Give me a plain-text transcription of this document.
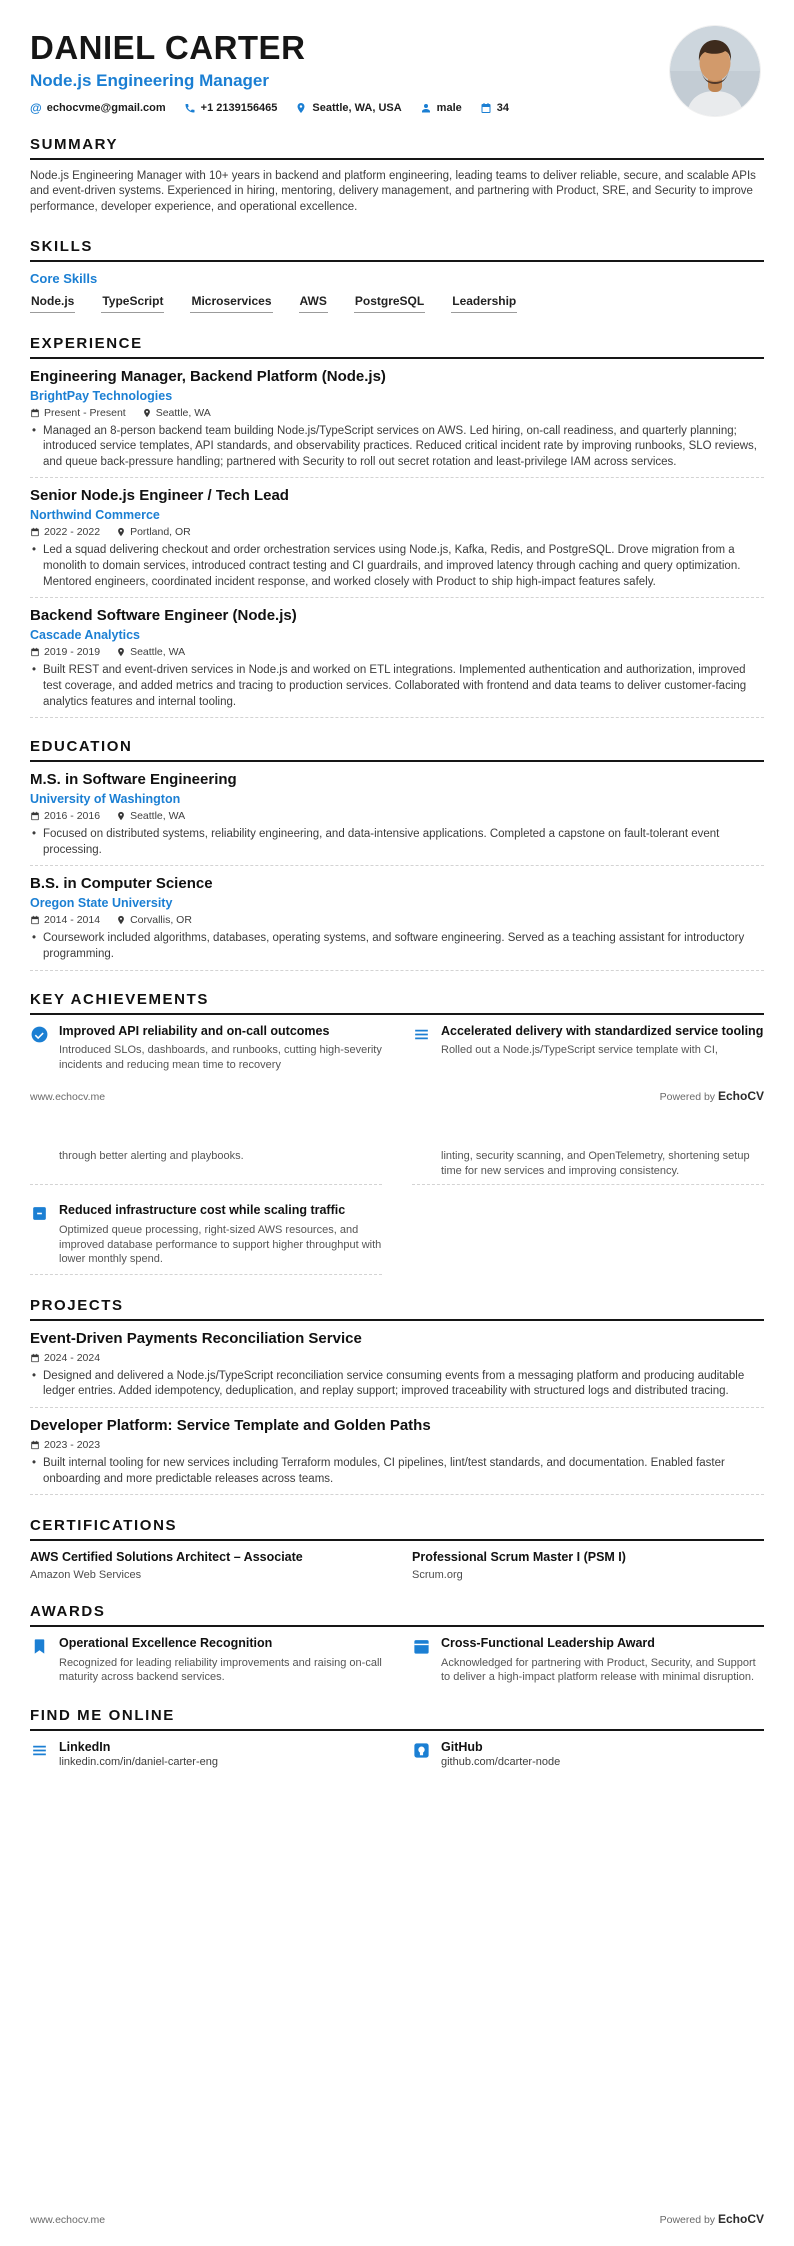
DANIEL CARTER
Node.js Engineering Manager
@ echocvme@gmail.com	+1 2139156465	Seattle, WA, USA	male	34
SUMMARY

Node.js Engineering Manager with 10+ years in backend and platform engineering, leading teams to deliver reliable, secure, and scalable APIs and event-driven systems. Experienced in hiring, mentoring, delivery management, and partnering with Product, SRE, and Security to improve performance, developer experience, and operational excellence.

SKILLS
Core Skills
Node.js TypeScript Microservices AWS PostgreSQL Leadership
EXPERIENCE
Engineering Manager, Backend Platform (Node.js)
BrightPay Technologies
Present - Present	Seattle, WA

• Managed an 8-person backend team building Node.js/TypeScript services on AWS. Led hiring, on-call readiness, and quarterly planning; introduced service templates, API standards, and observability practices. Reduced critical incident rate by improving runbooks, SLO reviews, and queue back-pressure handling; partnered with Security to roll out secret rotation and least-privilege IAM across services.

Senior Node.js Engineer / Tech Lead
Northwind Commerce
2022 - 2022	Portland, OR

• Led a squad delivering checkout and order orchestration services using Node.js, Kafka, Redis, and PostgreSQL. Drove migration from a monolith to domain services, introduced contract testing and CI guardrails, and improved latency through caching and query optimization. Mentored engineers, coordinated incident response, and worked closely with Product to ship high-impact features safely.

Backend Software Engineer (Node.js)
Cascade Analytics
2019 - 2019	Seattle, WA

• Built REST and event-driven services in Node.js and worked on ETL integrations. Implemented authentication and authorization, improved test coverage, and added metrics and tracing to production services. Collaborated with frontend and data teams to deliver customer-facing analytics features and internal tooling.

EDUCATION
M.S. in Software Engineering
University of Washington
2016 - 2016	Seattle, WA

• Focused on distributed systems, reliability engineering, and data-intensive applications. Completed a capstone on fault-tolerant event processing.

B.S. in Computer Science
Oregon State University
2014 - 2014	Corvallis, OR

• Coursework included algorithms, databases, operating systems, and software engineering. Served as a teaching assistant for introductory programming.

KEY ACHIEVEMENTS
Improved API reliability and on-call outcomes

Introduced SLOs, dashboards, and runbooks, cutting high-severity incidents and reducing mean time to recovery

Accelerated delivery with standardized service tooling

Rolled out a Node.js/TypeScript service template with CI,

www.echocv.me	Powered by EchoCV

through better alerting and playbooks.	linting, security scanning, and OpenTelemetry, shortening setup time for new services and improving consistency.

Reduced infrastructure cost while scaling traffic

Optimized queue processing, right-sized AWS resources, and improved database performance to support higher throughput with lower monthly spend.

PROJECTS
Event-Driven Payments Reconciliation Service
2024 - 2024

• Designed and delivered a Node.js/TypeScript reconciliation service consuming events from a messaging platform and producing auditable ledger entries. Added idempotency, deduplication, and replay support; improved traceability with structured logs and distributed tracing.

Developer Platform: Service Template and Golden Paths
2023 - 2023

• Built internal tooling for new services including Terraform modules, CI pipelines, lint/test standards, and documentation. Enabled faster onboarding and more predictable releases across teams.

CERTIFICATIONS
AWS Certified Solutions Architect – Associate
Amazon Web Services
Professional Scrum Master I (PSM I)
Scrum.org
AWARDS
Operational Excellence Recognition

Recognized for leading reliability improvements and raising on-call maturity across backend services.

Cross-Functional Leadership Award

Acknowledged for partnering with Product, Security, and Support to deliver a high-impact platform release with minimal disruption.

FIND ME ONLINE
LinkedIn
linkedin.com/in/daniel-carter-eng
GitHub
github.com/dcarter-node
www.echocv.me	Powered by EchoCV
